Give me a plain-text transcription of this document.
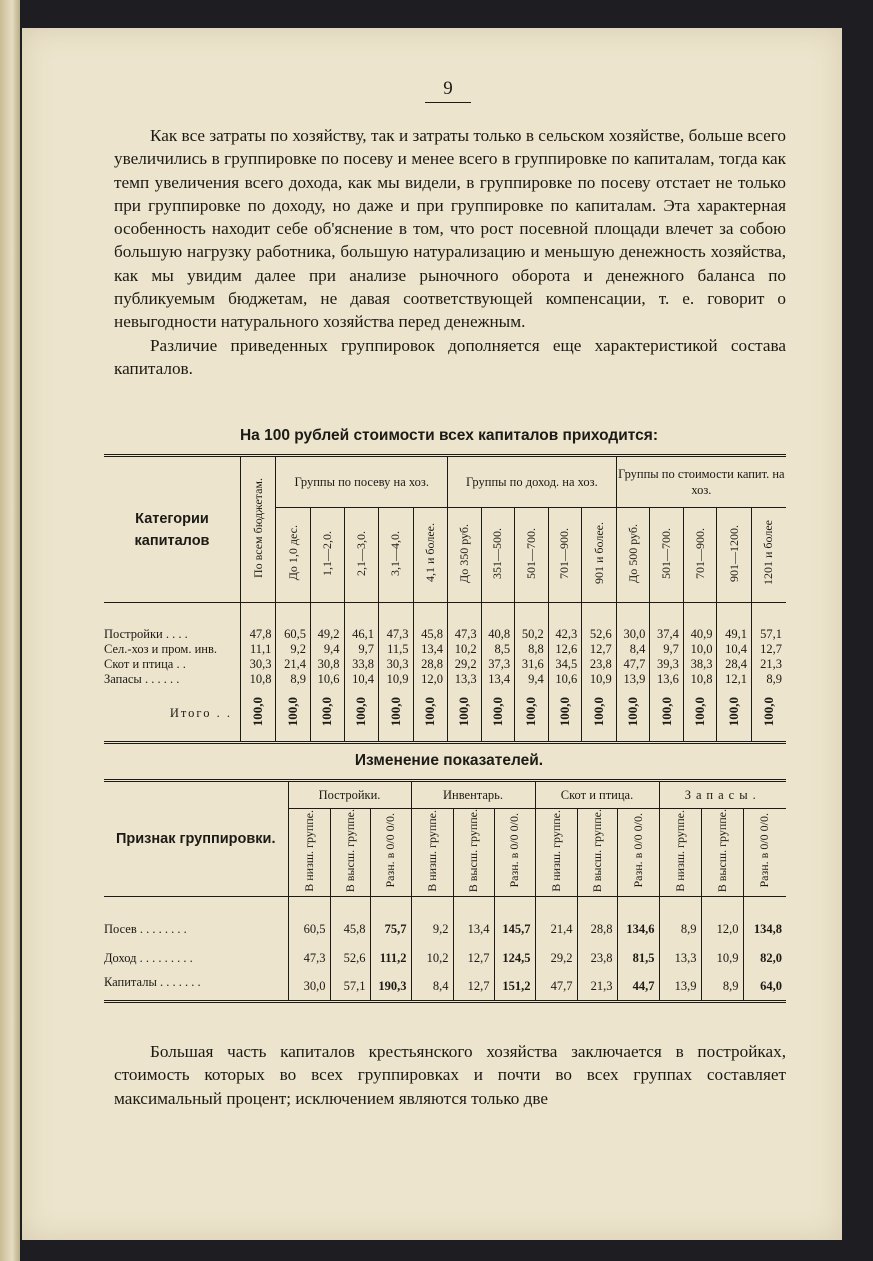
9

Как все затраты по хозяйству, так и затраты только в сельском хозяйстве, больше всего увеличились в группировке по посеву и менее всего в группировке по капиталам, тогда как темп увеличения всего дохода, как мы видели, в группировке по посеву отстает не только при группировке по доходу, но даже и при группировке по капиталам. Эта характерная особенность находит себе об'яснение в том, что рост посевной площади влечет за собою большую нагрузку работника, большую натурализацию и меньшую денежность хозяйства, как мы увидим далее при анализе рыночного оборота и денежного баланса по публикуемым бюджетам, не давая соответствующей компенсации, т. е. говорит о невыгодности натурального хозяйства перед денежным.

Различие приведенных группировок дополняется еще характеристикой состава капиталов.

На 100 рублей стоимости всех капиталов приходится:
Категории капиталов	По всем бюджетам.	Группы по посеву на хоз.					Группы по доход. на хоз.					Группы по стоимости капит. на хоз.				
		До 1,0 дес.	1,1—2,0.	2,1—3,0.	3,1—4,0.	4,1 и более.	До 350 руб.	351—500.	501—700.	701—900.	901 и более.	До 500 руб.	501—700.	701—900.	901—1200.	1201 и более

Постройки . . . .	47,8	60,5	49,2	46,1	47,3	45,8	47,3	40,8	50,2	42,3	52,6	30,0	37,4	40,9	49,1	57,1
Сел.-хоз и пром. инв.	11,1	9,2	9,4	9,7	11,5	13,4	10,2	8,5	8,8	12,6	12,7	8,4	9,7	10,0	10,4	12,7
Скот и птица . .	30,3	21,4	30,8	33,8	30,3	28,8	29,2	37,3	31,6	34,5	23,8	47,7	39,3	38,3	28,4	21,3
Запасы . . . . . .	10,8	8,9	10,6	10,4	10,9	12,0	13,3	13,4	9,4	10,6	10,9	13,9	13,6	10,8	12,1	8,9
Итого . .	100,0	100,0	100,0	100,0	100,0	100,0	100,0	100,0	100,0	100,0	100,0	100,0	100,0	100,0	100,0	100,0
Изменение показателей.
Признак группировки.	Постройки.			Инвентарь.			Скот и птица.			Запасы.		
	В низш. группе.	В высш. группе.	Разн. в 0/0 0/0.	В низш. группе.	В высш. группе.	Разн. в 0/0 0/0.	В низш. группе.	В высш. группе.	Разн. в 0/0 0/0.	В низш. группе.	В высш. группе.	Разн. в 0/0 0/0.

Посев . . . . . . . .	60,5	45,8	75,7	9,2	13,4	145,7	21,4	28,8	134,6	8,9	12,0	134,8
Доход . . . . . . . . .	47,3	52,6	111,2	10,2	12,7	124,5	29,2	23,8	81,5	13,3	10,9	82,0
Капиталы . . . . . . .	30,0	57,1	190,3	8,4	12,7	151,2	47,7	21,3	44,7	13,9	8,9	64,0

Большая часть капиталов крестьянского хозяйства заключается в постройках, стоимость которых во всех группировках и почти во всех группах составляет максимальный процент; исключением являются только две
